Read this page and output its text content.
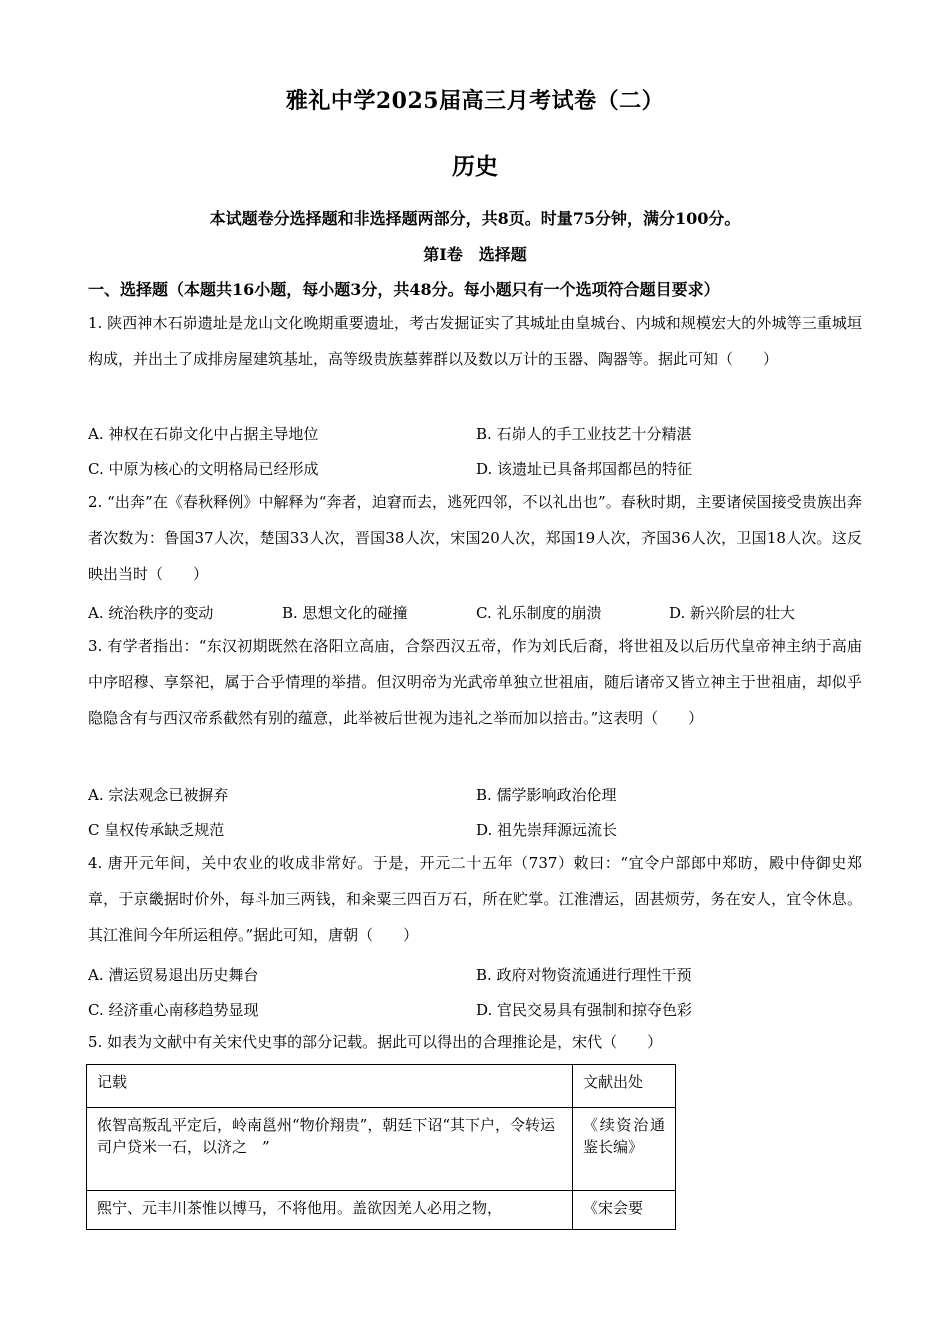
雅礼中学2025届高三月考试卷（二）
历史
本试题卷分选择题和非选择题两部分，共8页。时量75分钟，满分100分。
第Ⅰ卷　选择题
一、选择题（本题共16小题，每小题3分，共48分。每小题只有一个选项符合题目要求）
1. 陕西神木石峁遗址是龙山文化晚期重要遗址，考古发掘证实了其城址由皇城台、内城和规模宏大的外城等三重城垣构成，并出土了成排房屋建筑基址，高等级贵族墓葬群以及数以万计的玉器、陶器等。据此可知（　　）
A. 神权在石峁文化中占据主导地位	B. 石峁人的手工业技艺十分精湛
C. 中原为核心的文明格局已经形成	D. 该遗址已具备邦国都邑的特征
2. “出奔”在《春秋释例》中解释为“奔者，迫窘而去，逃死四邻，不以礼出也”。春秋时期，主要诸侯国接受贵族出奔者次数为：鲁国37人次，楚国33人次，晋国38人次，宋国20人次，郑国19人次，齐国36人次，卫国18人次。这反映出当时（　　）
A. 统治秩序的变动	B. 思想文化的碰撞	C. 礼乐制度的崩溃	D. 新兴阶层的壮大
3. 有学者指出：“东汉初期既然在洛阳立高庙，合祭西汉五帝，作为刘氏后裔，将世祖及以后历代皇帝神主纳于高庙中序昭穆、享祭祀，属于合乎情理的举措。但汉明帝为光武帝单独立世祖庙，随后诸帝又皆立神主于世祖庙，却似乎隐隐含有与西汉帝系截然有别的蕴意，此举被后世视为违礼之举而加以掊击。”这表明（　　）
A. 宗法观念已被摒弃	B. 儒学影响政治伦理
C 皇权传承缺乏规范	D. 祖先崇拜源远流长
4. 唐开元年间，关中农业的收成非常好。于是，开元二十五年（737）敕曰：“宜令户部郎中郑昉，殿中侍御史郑章，于京畿据时价外，每斗加三两钱，和籴粟三四百万石，所在贮掌。江淮漕运，固甚烦劳，务在安人，宜令休息。其江淮间今年所运租停。”据此可知，唐朝（　　）
A. 漕运贸易退出历史舞台	B. 政府对物资流通进行理性干预
C. 经济重心南移趋势显现	D. 官民交易具有强制和掠夺色彩
5. 如表为文献中有关宋代史事的部分记载。据此可以得出的合理推论是，宋代（　　）
记载	文献出处
侬智高叛乱平定后，岭南邕州“物价翔贵”，朝廷下诏“其下户，令转运司户贷米一石，以济之　”	《续资治通鉴长编》
熙宁、元丰川茶惟以博马，不将他用。盖欲因羌人必用之物，	《宋会要
